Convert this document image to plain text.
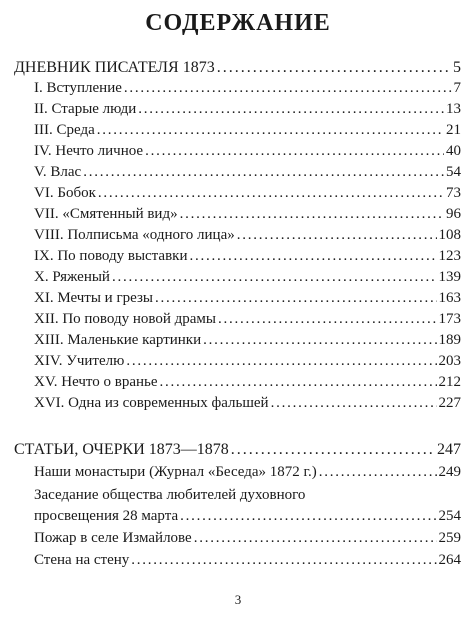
СОДЕРЖАНИЕ
ДНЕВНИК ПИСАТЕЛЯ 1873 . . .	5
I. Вступление . . .	7
II. Старые люди . . .	13
III. Среда . . .	21
IV. Нечто личное . . .	40
V. Влас . . .	54
VI. Бобок . . .	73
VII. «Смятенный вид» . . .	96
VIII. Полписьма «одного лица» . . .	108
IX. По поводу выставки . . .	123
X. Ряженый . . .	139
XI. Мечты и грезы . . .	163
XII. По поводу новой драмы . . .	173
XIII. Маленькие картинки . . .	189
XIV. Учителю . . .	203
XV. Нечто о вранье . . .	212
XVI. Одна из современных фальшей . . .	227
СТАТЬИ, ОЧЕРКИ 1873—1878 . . .	247
Наши монастыри (Журнал «Беседа» 1872 г.) . . .	249
Заседание общества любителей духовного
просвещения 28 марта . . .	254
Пожар в селе Измайлове . . .	259
Стена на стену . . .	264
3
